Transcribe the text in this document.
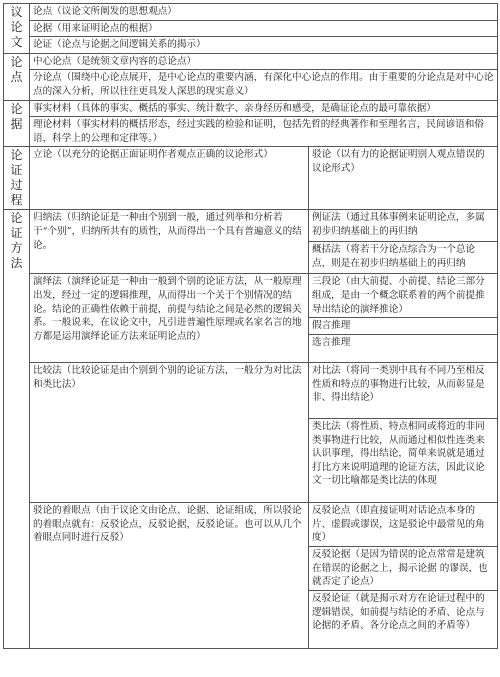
议
论
文	论点（议论文所阐发的思想观点）	
	论据（用来证明论点的根据）	
	论证（论点与论据之间逻辑关系的揭示）	

论
点	中心论点（是统领文章内容的总论点）	
	分论点（围绕中心论点展开，是中心论点的重要内涵，有深化中心论点的作用。由于重要的分论点是对中心论点的深入分析，所以往往更具发人深思的现实意义）	

论
据	事实材料（具体的事实、概括的事实、统计数字、亲身经历和感受，是确证论点的最可靠依据）	
	理论材料（事实材料的概括形态，经过实践的检验和证明，包括先哲的经典著作和至理名言，民间谚语和俗语，科学上的公理和定律等。）	

论
证
过
程	立论（以充分的论据正面证明作者观点正确的议论形式）	驳论（以有力的论据证明别人观点错误的议论形式）

论
证
方
法	归纳法（归纳论证是一种由个别到一般，通过列举和分析若干“个别”，归纳所共有的质性，从而得出一个具有普遍意义的结论。	例证法（通过具体事例来证明论点，多属初步归纳基础上的再归纳
		概括法（将若干分论点综合为一个总论点，则是在初步归纳基础上的再归纳
	演绎法（演绎论证是一种由一般到个别的论证方法，从一般原理出发，经过一定的逻辑推理，从而得出一个关于个别情况的结论。结论的正确性依赖于前提，前提与结论之间是必然的逻辑关系。一般说来，在议论文中，凡引进普遍性原理或名家名言的地方都是运用演绎论证方法来证明论点的）	三段论（由大前提、小前提、结论三部分组成，是由一个概念联系着的两个前提推导出结论的演绎推论）
		假言推理
		选言推理
	比较法（比较论证是由个别到个别的论证方法，一般分为对比法和类比法）	对比法（将同一类别中具有不同乃至相反性质和特点的事物进行比较，从而彰显是非、得出结论）
		类比法（将性质、特点相同或将近的非同类事物进行比较，从而通过相似性连类来认识事理，得出结论，简单来说就是通过打比方来说明道理的论证方法，因此议论文一切比喻都是类比法的体现
	驳论的着眼点（由于议论文由论点、论据、论证组成，所以驳论的着眼点就有：反驳论点，反驳论据，反驳论证。也可以从几个着眼点同时进行反驳）	反驳论点（即直接证明对话论点本身的片、虚假或谬误，这是驳论中最常见的角度）
		反驳论据（是因为错误的论点常常是建筑在错误的论据之上，揭示论据 的谬误，也就否定了论点）
		反驳论证（就是揭示对方在论证过程中的逻辑错误，如前提与结论的矛盾、论点与论据的矛盾、各分论点之间的矛盾等）
